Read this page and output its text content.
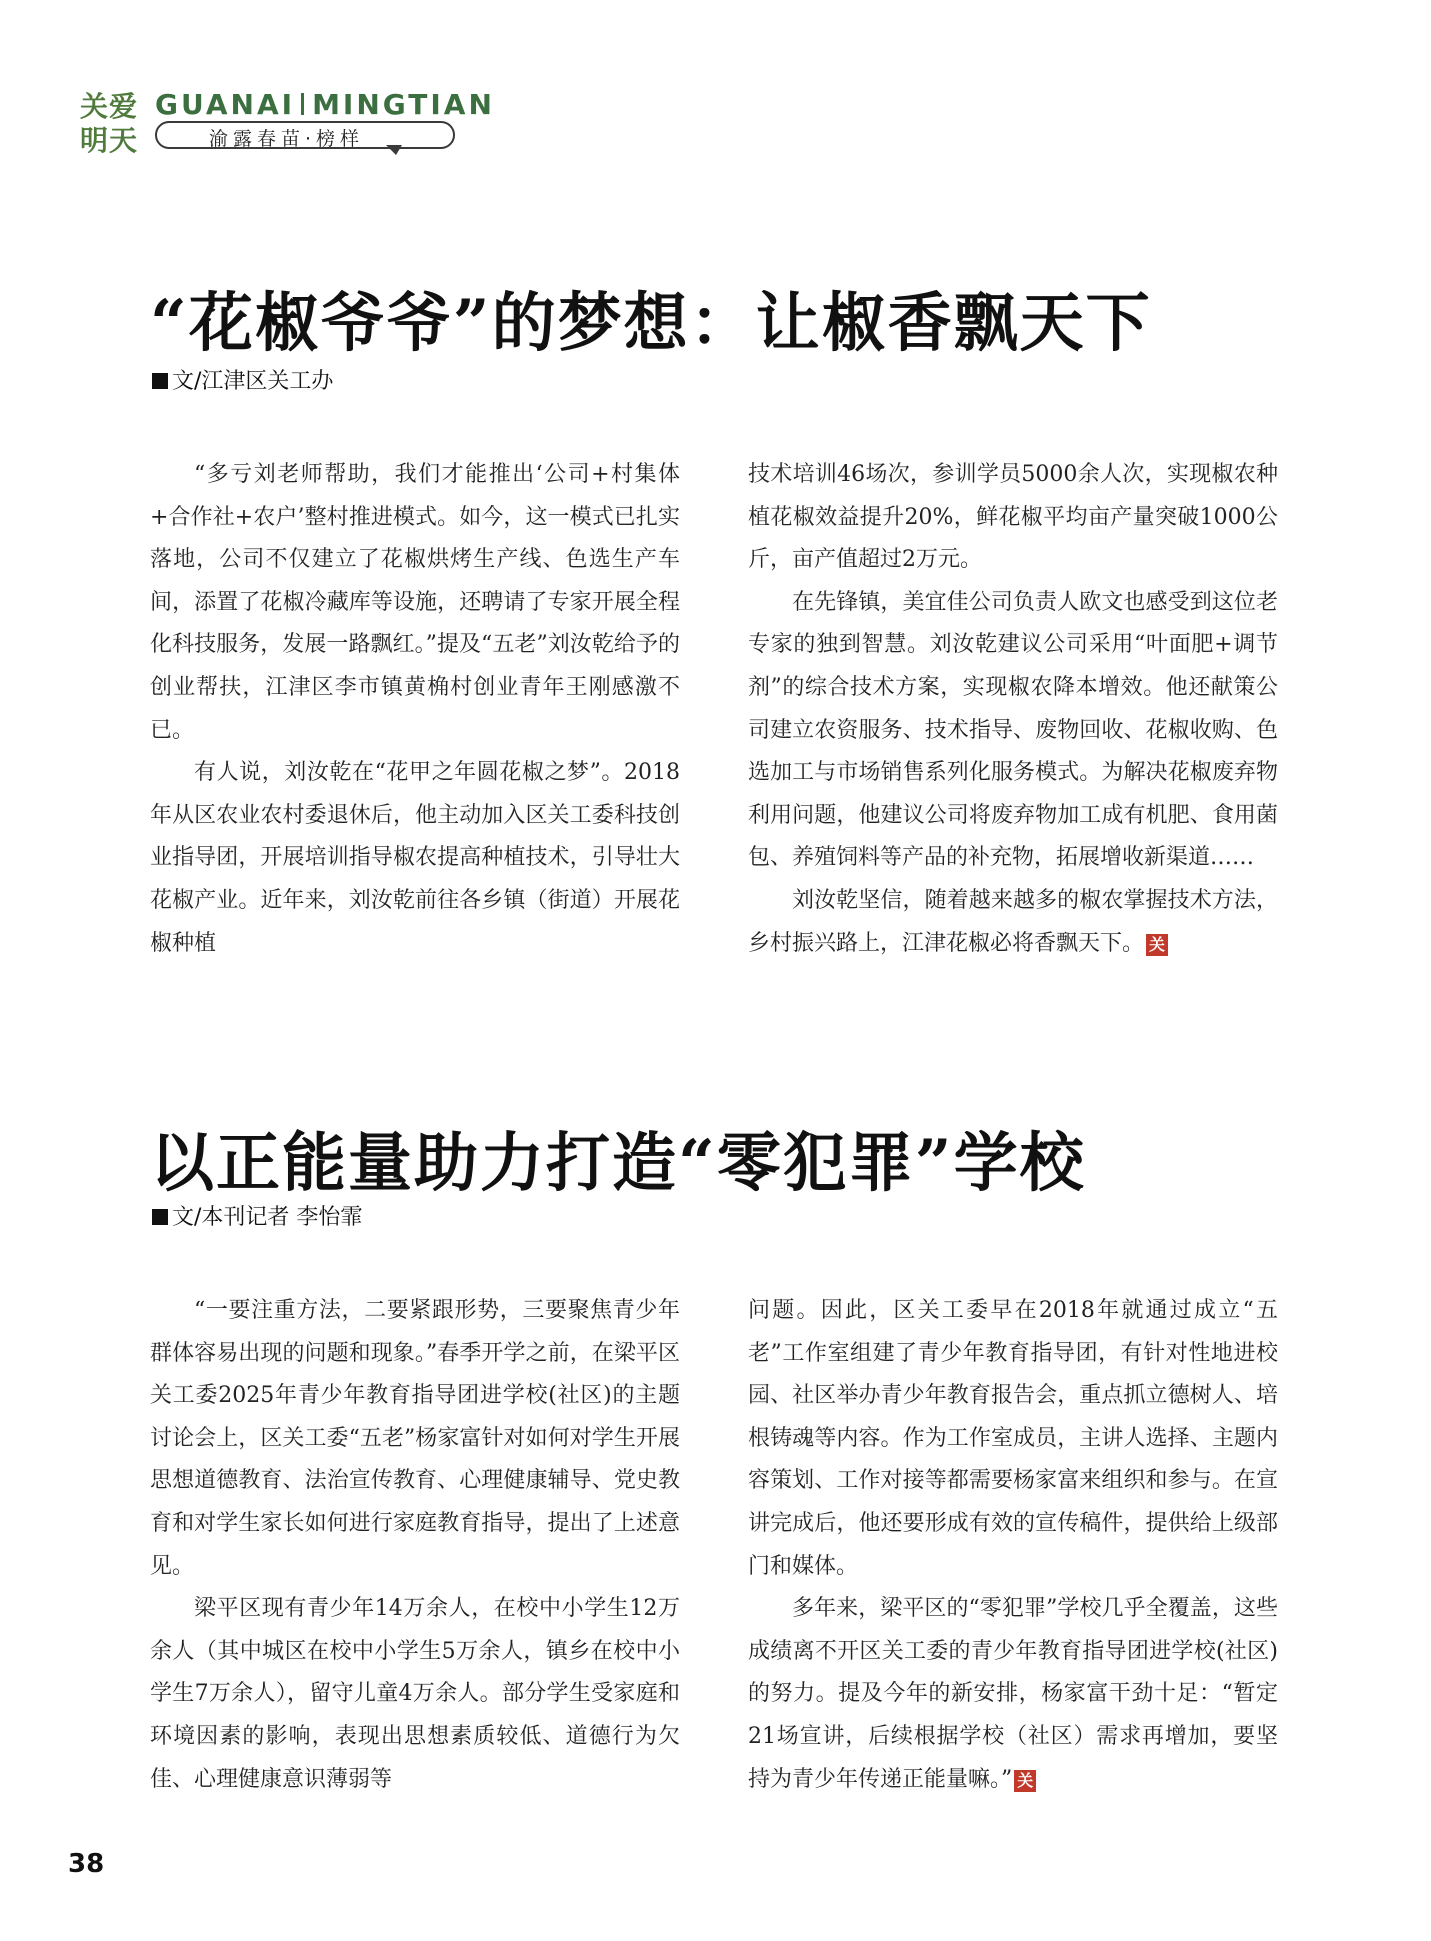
关爱
明天
GUANAI MINGTIAN
渝露春苗·榜样
“花椒爷爷”的梦想：让椒香飘天下
文/江津区关工办

“多亏刘老师帮助，我们才能推出‘公司+村集体+合作社+农户’整村推进模式。如今，这一模式已扎实落地，公司不仅建立了花椒烘烤生产线、色选生产车间，添置了花椒冷藏库等设施，还聘请了专家开展全程化科技服务，发展一路飘红。”提及“五老”刘汝乾给予的创业帮扶，江津区李市镇黄桷村创业青年王刚感激不已。

有人说，刘汝乾在“花甲之年圆花椒之梦”。2018年从区农业农村委退休后，他主动加入区关工委科技创业指导团，开展培训指导椒农提高种植技术，引导壮大花椒产业。近年来，刘汝乾前往各乡镇（街道）开展花椒种植

技术培训46场次，参训学员5000余人次，实现椒农种植花椒效益提升20%，鲜花椒平均亩产量突破1000公斤，亩产值超过2万元。

在先锋镇，美宜佳公司负责人欧文也感受到这位老专家的独到智慧。刘汝乾建议公司采用“叶面肥+调节剂”的综合技术方案，实现椒农降本增效。他还献策公司建立农资服务、技术指导、废物回收、花椒收购、色选加工与市场销售系列化服务模式。为解决花椒废弃物利用问题，他建议公司将废弃物加工成有机肥、食用菌包、养殖饲料等产品的补充物，拓展增收新渠道……

刘汝乾坚信，随着越来越多的椒农掌握技术方法，乡村振兴路上，江津花椒必将香飘天下。 关

以正能量助力打造“零犯罪”学校
文/本刊记者 李怡霏

“一要注重方法，二要紧跟形势，三要聚焦青少年群体容易出现的问题和现象。”春季开学之前，在梁平区关工委2025年青少年教育指导团进学校(社区)的主题讨论会上，区关工委“五老”杨家富针对如何对学生开展思想道德教育、法治宣传教育、心理健康辅导、党史教育和对学生家长如何进行家庭教育指导，提出了上述意见。

梁平区现有青少年14万余人，在校中小学生12万余人（其中城区在校中小学生5万余人，镇乡在校中小学生7万余人），留守儿童4万余人。部分学生受家庭和环境因素的影响，表现出思想素质较低、道德行为欠佳、心理健康意识薄弱等

问题。因此，区关工委早在2018年就通过成立“五老”工作室组建了青少年教育指导团，有针对性地进校园、社区举办青少年教育报告会，重点抓立德树人、培根铸魂等内容。作为工作室成员，主讲人选择、主题内容策划、工作对接等都需要杨家富来组织和参与。在宣讲完成后，他还要形成有效的宣传稿件，提供给上级部门和媒体。

多年来，梁平区的“零犯罪”学校几乎全覆盖，这些成绩离不开区关工委的青少年教育指导团进学校(社区)的努力。提及今年的新安排，杨家富干劲十足：“暂定21场宣讲，后续根据学校（社区）需求再增加，要坚持为青少年传递正能量嘛。” 关

38
